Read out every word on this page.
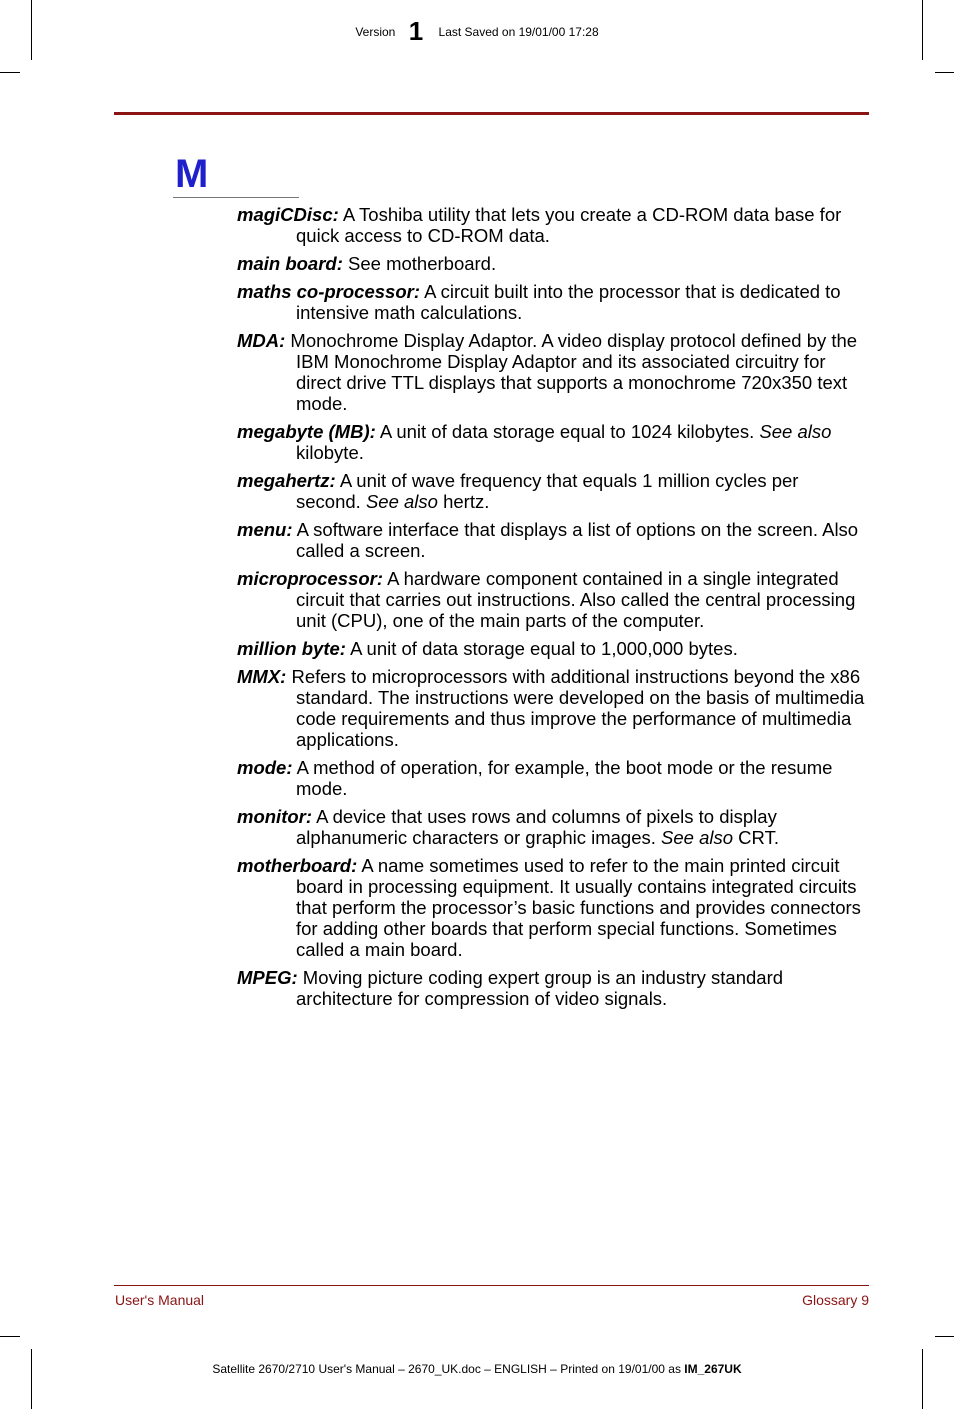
Version 1 Last Saved on 19/01/00 17:28
M
magiCDisc: A Toshiba utility that lets you create a CD-ROM data base for quick access to CD-ROM data.
main board: See motherboard.
maths co-processor: A circuit built into the processor that is dedicated to intensive math calculations.
MDA: Monochrome Display Adaptor. A video display protocol defined by the IBM Monochrome Display Adaptor and its associated circuitry for direct drive TTL displays that supports a monochrome 720x350 text mode.
megabyte (MB): A unit of data storage equal to 1024 kilobytes. See also kilobyte.
megahertz: A unit of wave frequency that equals 1 million cycles per second. See also hertz.
menu: A software interface that displays a list of options on the screen. Also called a screen.
microprocessor: A hardware component contained in a single integrated circuit that carries out instructions. Also called the central processing unit (CPU), one of the main parts of the computer.
million byte: A unit of data storage equal to 1,000,000 bytes.
MMX: Refers to microprocessors with additional instructions beyond the x86 standard. The instructions were developed on the basis of multimedia code requirements and thus improve the performance of multimedia applications.
mode: A method of operation, for example, the boot mode or the resume mode.
monitor: A device that uses rows and columns of pixels to display alphanumeric characters or graphic images. See also CRT.
motherboard: A name sometimes used to refer to the main printed circuit board in processing equipment. It usually contains integrated circuits that perform the processor’s basic functions and provides connectors for adding other boards that perform special functions. Sometimes called a main board.
MPEG: Moving picture coding expert group is an industry standard architecture for compression of video signals.
User's Manual	Glossary 9
Satellite 2670/2710 User's Manual – 2670_UK.doc – ENGLISH – Printed on 19/01/00 as IM_267UK
